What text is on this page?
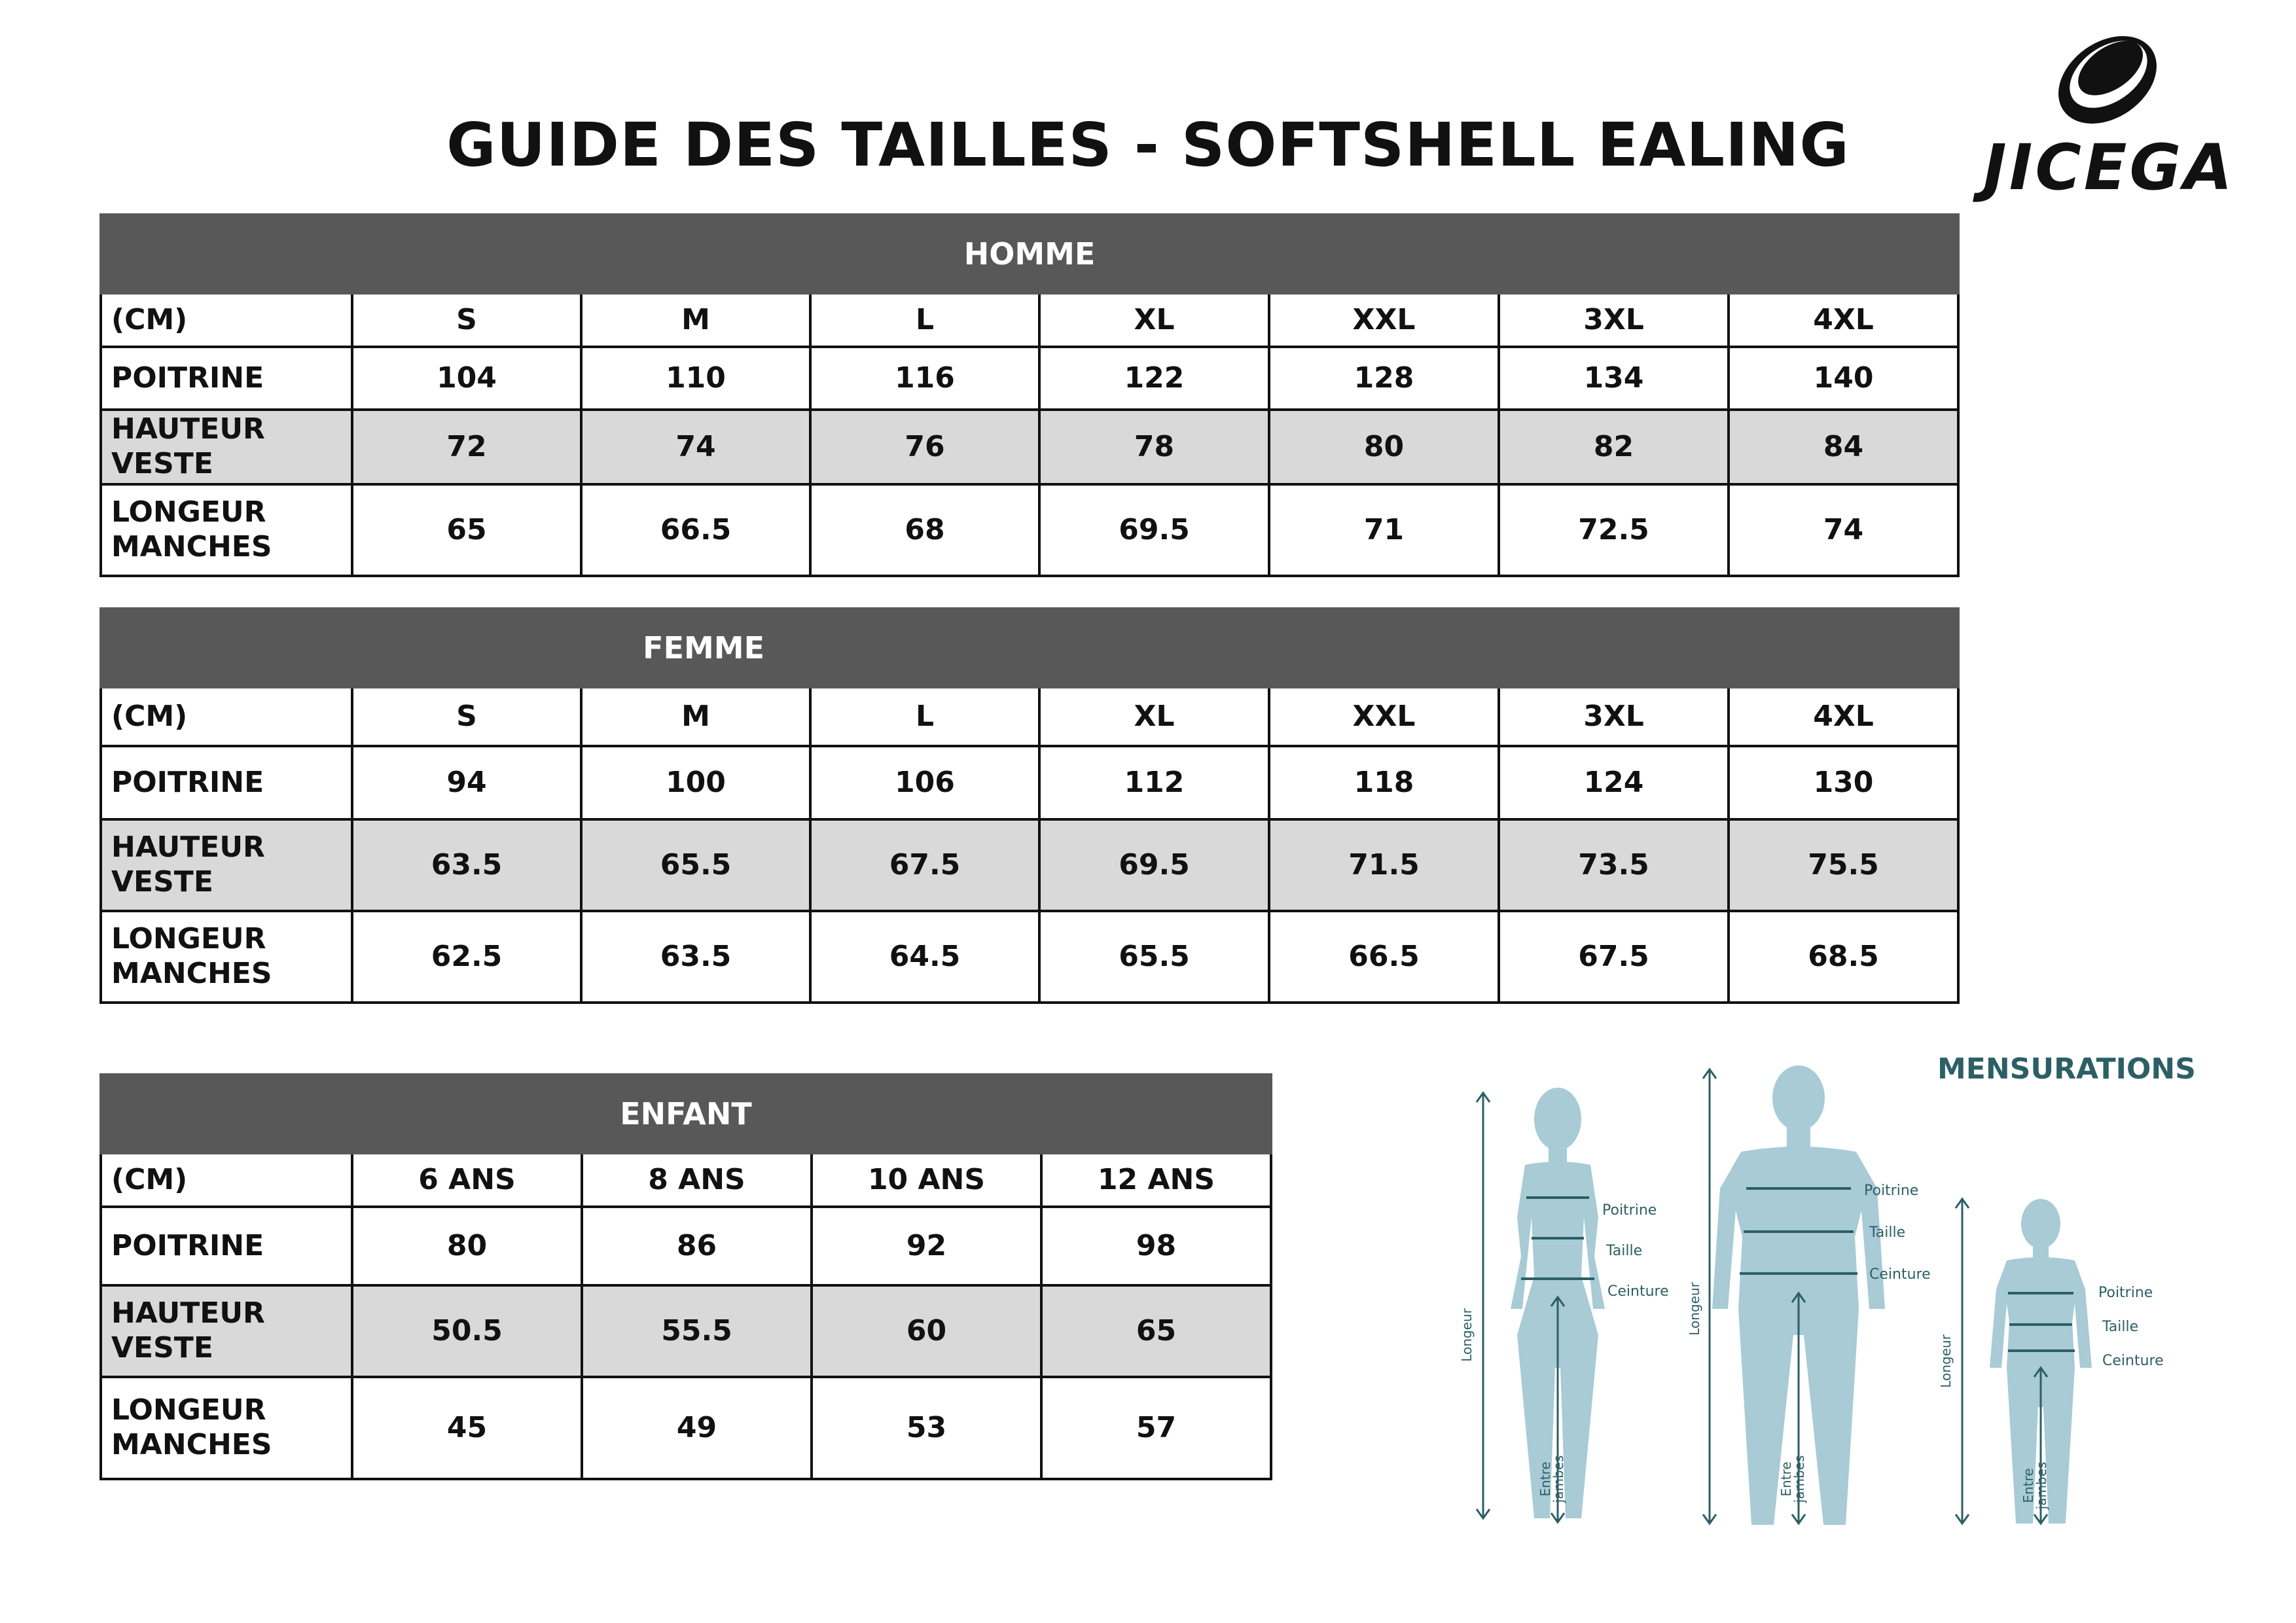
GUIDE DES TAILLES - SOFTSHELL EALING	JICEGA
HOMME							
(CM)	S	M	L	XL	XXL	3XL	4XL
POITRINE	104	110	116	122	128	134	140
HAUTEUR VESTE	72	74	76	78	80	82	84
LONGEUR MANCHES	65	66.5	68	69.5	71	72.5	74
FEMME							
(CM)	S	M	L	XL	XXL	3XL	4XL
POITRINE	94	100	106	112	118	124	130
HAUTEUR VESTE	63.5	65.5	67.5	69.5	71.5	73.5	75.5
LONGEUR MANCHES	62.5	63.5	64.5	65.5	66.5	67.5	68.5
ENFANT				
(CM)	6 ANS	8 ANS	10 ANS	12 ANS
POITRINE	80	86	92	98
HAUTEUR VESTE	50.5	55.5	60	65
LONGEUR MANCHES	45	49	53	57
MENSURATIONS
Poitrine
Taille
Ceinture
Longeur
Entre
jambes
Poitrine
Taille
Ceinture
Longeur
Entre
jambes
Poitrine
Taille
Ceinture
Longeur
Entre
jambes
